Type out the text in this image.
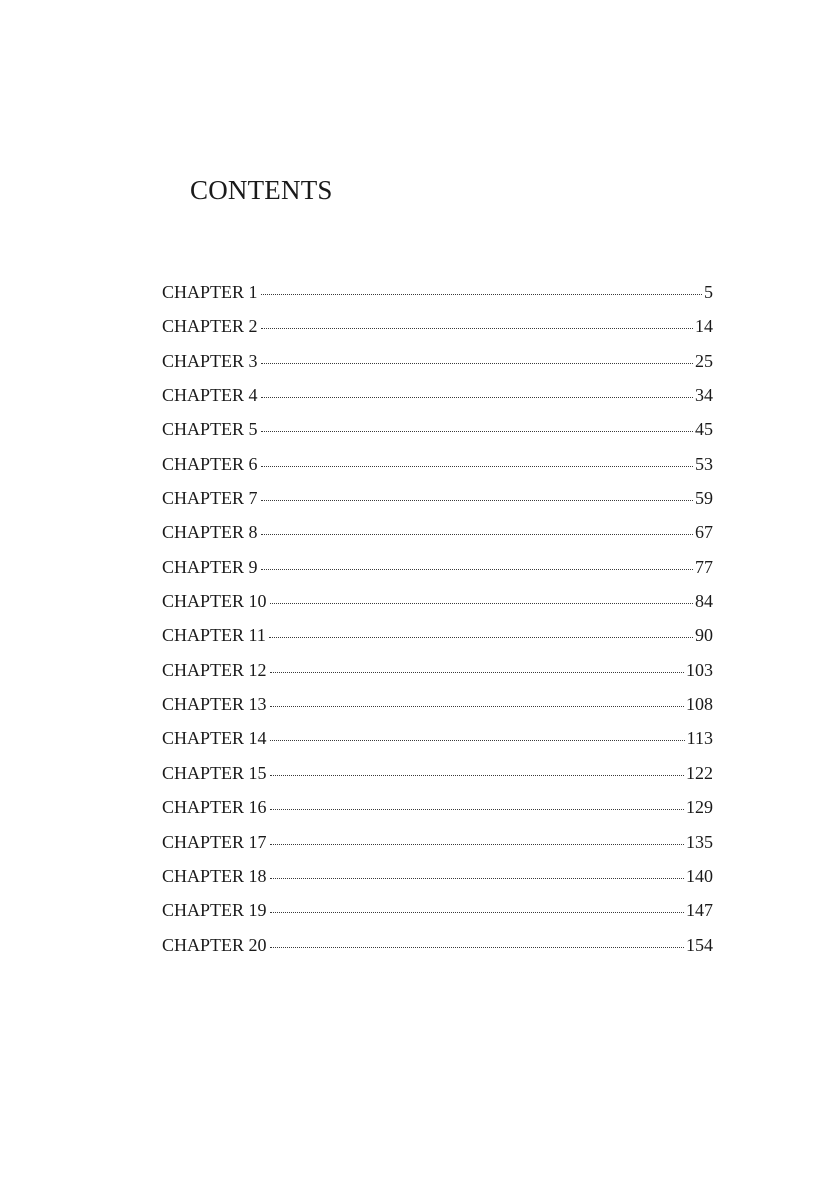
CONTENTS
CHAPTER 1	5
CHAPTER 2	14
CHAPTER 3	25
CHAPTER 4	34
CHAPTER 5	45
CHAPTER 6	53
CHAPTER 7	59
CHAPTER 8	67
CHAPTER 9	77
CHAPTER 10	84
CHAPTER 11	90
CHAPTER 12	103
CHAPTER 13	108
CHAPTER 14	113
CHAPTER 15	122
CHAPTER 16	129
CHAPTER 17	135
CHAPTER 18	140
CHAPTER 19	147
CHAPTER 20	154
